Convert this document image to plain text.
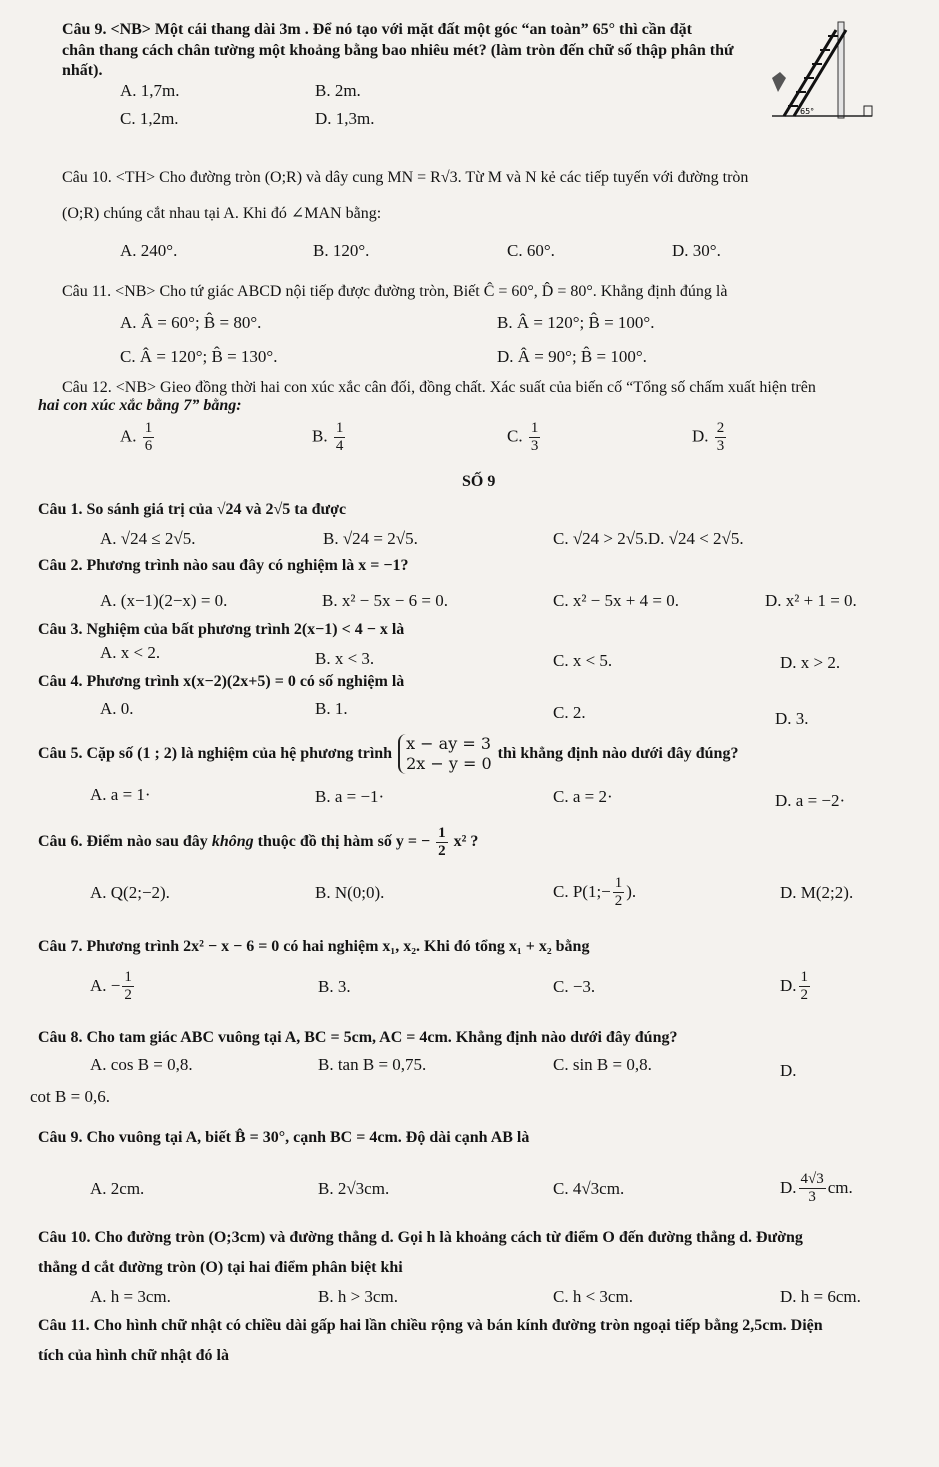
Câu 9. <NB> Một cái thang dài 3m . Để nó tạo với mặt đất một góc “an toàn” 65° thì cần đặt
chân thang cách chân tường một khoảng bằng bao nhiêu mét? (làm tròn đến chữ số thập phân thứ
nhất).
65°
A. 1,7m.	B. 2m.
C. 1,2m.	D. 1,3m.
Câu 10. <TH> Cho đường tròn (O;R) và dây cung MN = R√3. Từ M và N kẻ các tiếp tuyến với đường tròn
(O;R) chúng cắt nhau tại A. Khi đó ∠MAN bằng:
A. 240°.	B. 120°.	C. 60°.	D. 30°.
Câu 11. <NB> Cho tứ giác ABCD nội tiếp được đường tròn, Biết Ĉ = 60°, D̂ = 80°. Khẳng định đúng là
A. Â = 60°; B̂ = 80°.	B. Â = 120°; B̂ = 100°.
C. Â = 120°; B̂ = 130°.	D. Â = 90°; B̂ = 100°.
Câu 12. <NB> Gieo đồng thời hai con xúc xắc cân đối, đồng chất. Xác suất của biến cố “Tổng số chấm xuất hiện trên
hai con xúc xắc bằng 7” bằng:
A. $\frac{1}{6}$	B. $\frac{1}{4}$	C. $\frac{1}{3}$	D. $\frac{2}{3}$
SỐ 9
Câu 1. So sánh giá trị của √24 và 2√5 ta được
A. √24 ≤ 2√5.	B. √24 = 2√5.	C. √24 > 2√5.D. √24 < 2√5.
Câu 2. Phương trình nào sau đây có nghiệm là x = −1?
A. (x−1)(2−x) = 0.	B. x² − 5x − 6 = 0.	C. x² − 5x + 4 = 0.	D. x² + 1 = 0.
Câu 3. Nghiệm của bất phương trình 2(x−1) < 4 − x là
A. x < 2.	B. x < 3.	C. x < 5.	D. x > 2.
Câu 4. Phương trình x(x−2)(2x+5) = 0 có số nghiệm là
A. 0.	B. 1.	C. 2.	D. 3.
Câu 5. Cặp số (1 ; 2) là nghiệm của hệ phương trình
x − ay = 3
2x − y = 0
thì khẳng định nào dưới đây đúng?
A. a = 1·	B. a = −1·	C. a = 2·	D. a = −2·
Câu 6. Điểm nào sau đây không thuộc đồ thị hàm số y = − $\frac{1}{2} x^2$ ?
A. Q(2;−2).	B. N(0;0).	C. P(1;− $\frac{1}{2}$ ).	D. M(2;2).
Câu 7. Phương trình 2x² − x − 6 = 0 có hai nghiệm x₁, x₂. Khi đó tổng x₁ + x₂ bằng
A. − $\frac{1}{2}$	B. 3.	C. −3.	D. $\frac{1}{2}$
Câu 8. Cho tam giác ABC vuông tại A, BC = 5cm, AC = 4cm. Khẳng định nào dưới đây đúng?
A. cos B = 0,8.	B. tan B = 0,75.	C. sin B = 0,8.	D.
cot B = 0,6.
Câu 9. Cho vuông tại A, biết B̂ = 30°, cạnh BC = 4cm. Độ dài cạnh AB là
A. 2cm.	B. 2√3cm.	C. 4√3cm.	D. $\frac{4√3}{3}$ cm.
Câu 10. Cho đường tròn (O;3cm) và đường thẳng d. Gọi h là khoảng cách từ điểm O đến đường thẳng d. Đường
thẳng d cắt đường tròn (O) tại hai điểm phân biệt khi
A. h = 3cm.	B. h > 3cm.	C. h < 3cm.	D. h = 6cm.
Câu 11. Cho hình chữ nhật có chiều dài gấp hai lần chiều rộng và bán kính đường tròn ngoại tiếp bằng 2,5cm. Diện
tích của hình chữ nhật đó là
